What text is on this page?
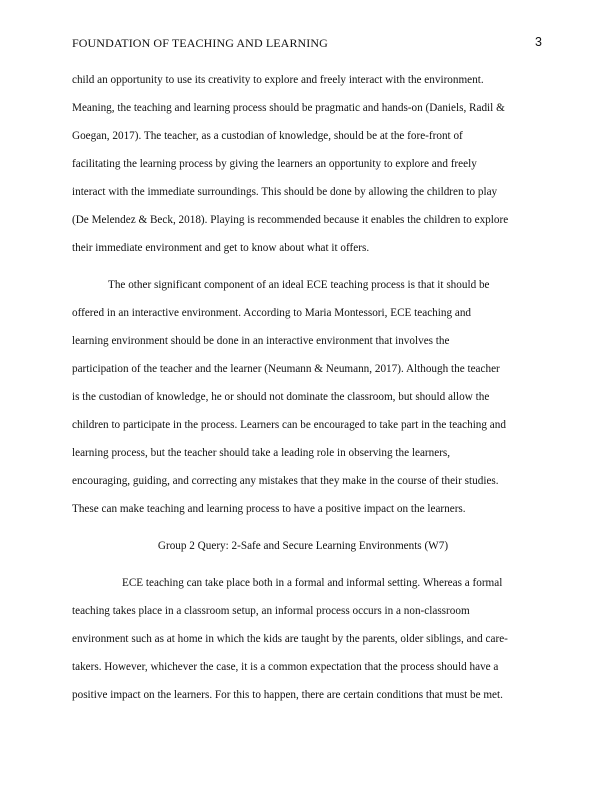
FOUNDATION OF TEACHING AND LEARNING	3
child an opportunity to use its creativity to explore and freely interact with the environment.
Meaning, the teaching and learning process should be pragmatic and hands-on (Daniels, Radil &
Goegan, 2017). The teacher, as a custodian of knowledge, should be at the fore-front of
facilitating the learning process by giving the learners an opportunity to explore and freely
interact with the immediate surroundings. This should be done by allowing the children to play
(De Melendez & Beck, 2018). Playing is recommended because it enables the children to explore
their immediate environment and get to know about what it offers.
The other significant component of an ideal ECE teaching process is that it should be
offered in an interactive environment. According to Maria Montessori, ECE teaching and
learning environment should be done in an interactive environment that involves the
participation of the teacher and the learner (Neumann & Neumann, 2017). Although the teacher
is the custodian of knowledge, he or should not dominate the classroom, but should allow the
children to participate in the process. Learners can be encouraged to take part in the teaching and
learning process, but the teacher should take a leading role in observing the learners,
encouraging, guiding, and correcting any mistakes that they make in the course of their studies.
These can make teaching and learning process to have a positive impact on the learners.
Group 2 Query: 2-Safe and Secure Learning Environments (W7)
ECE teaching can take place both in a formal and informal setting. Whereas a formal
teaching takes place in a classroom setup, an informal process occurs in a non-classroom
environment such as at home in which the kids are taught by the parents, older siblings, and care-
takers. However, whichever the case, it is a common expectation that the process should have a
positive impact on the learners. For this to happen, there are certain conditions that must be met.
